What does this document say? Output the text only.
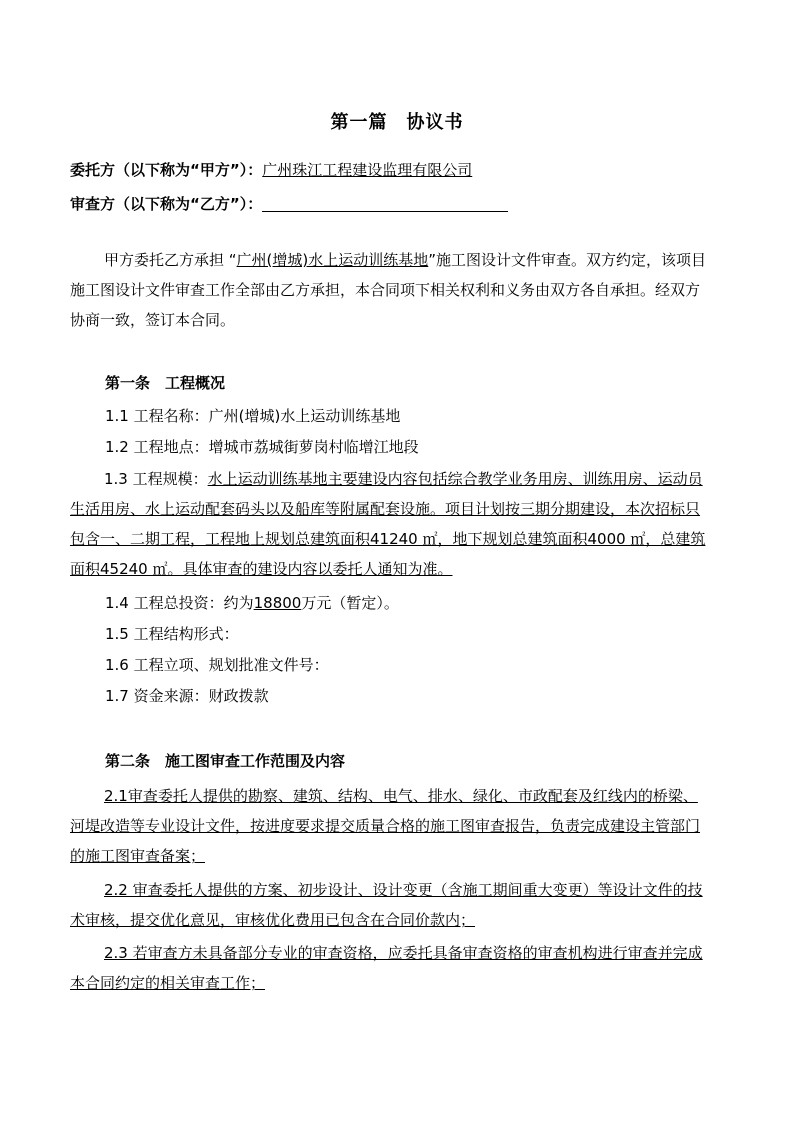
第一篇　协议书
委托方（以下称为“甲方”）：广州珠江工程建设监理有限公司
审查方（以下称为“乙方”）：
甲方委托乙方承担 “广州(增城)水上运动训练基地”施工图设计文件审查。双方约定，该项目施工图设计文件审查工作全部由乙方承担，本合同项下相关权利和义务由双方各自承担。经双方协商一致，签订本合同。
第一条　工程概况
1.1 工程名称：广州(增城)水上运动训练基地
1.2 工程地点：增城市荔城街萝岗村临增江地段
1.3 工程规模：水上运动训练基地主要建设内容包括综合教学业务用房、训练用房、运动员生活用房、水上运动配套码头以及船库等附属配套设施。项目计划按三期分期建设，本次招标只包含一、二期工程，工程地上规划总建筑面积41240 ㎡，地下规划总建筑面积4000 ㎡，总建筑面积45240 ㎡。具体审查的建设内容以委托人通知为准。
1.4 工程总投资：约为18800万元（暂定）。
1.5 工程结构形式：
1.6 工程立项、规划批准文件号：
1.7 资金来源：财政拨款
第二条　施工图审查工作范围及内容
2.1审查委托人提供的勘察、建筑、结构、电气、排水、绿化、市政配套及红线内的桥梁、河堤改造等专业设计文件，按进度要求提交质量合格的施工图审查报告，负责完成建设主管部门的施工图审查备案；
2.2 审查委托人提供的方案、初步设计、设计变更（含施工期间重大变更）等设计文件的技术审核，提交优化意见，审核优化费用已包含在合同价款内；
2.3 若审查方未具备部分专业的审查资格，应委托具备审查资格的审查机构进行审查并完成本合同约定的相关审查工作；
